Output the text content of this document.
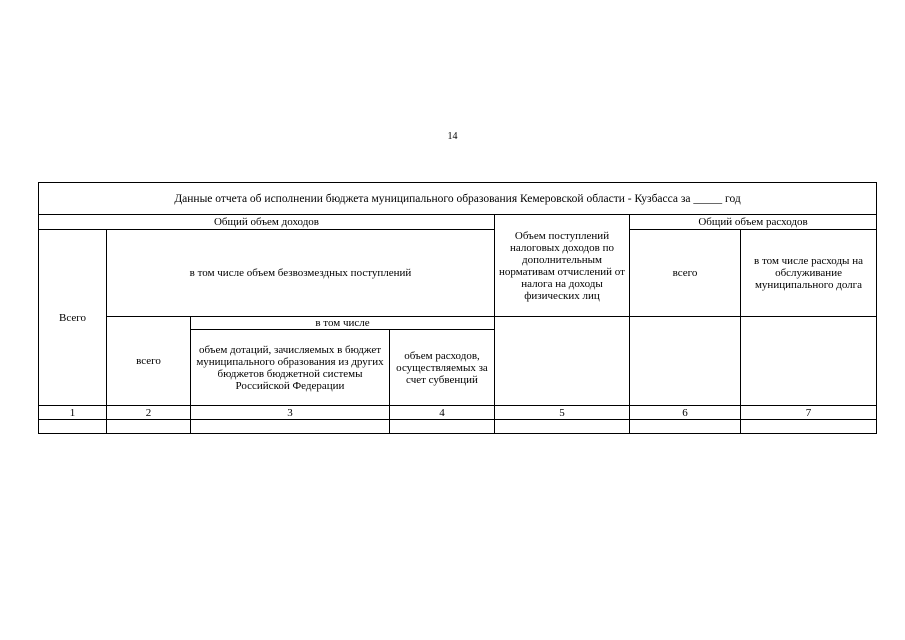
14
Данные отчета об исполнении бюджета муниципального образования Кемеровской области - Кузбасса за _____ год						
Общий объем доходов				Объем поступлений налоговых доходов по дополнительным нормативам отчислений от налога на доходы физических лиц	Общий объем расходов	
Всего	в том числе объем безвозмездных поступлений				всего	в том числе расходы на обслуживание муниципального долга
	всего	в том числе				
		объем дотаций, зачисляемых в бюджет муниципального образования из других бюджетов бюджетной системы Российской Федерации	объем расходов, осуществляемых за счет субвенций			
1	2	3	4	5	6	7
